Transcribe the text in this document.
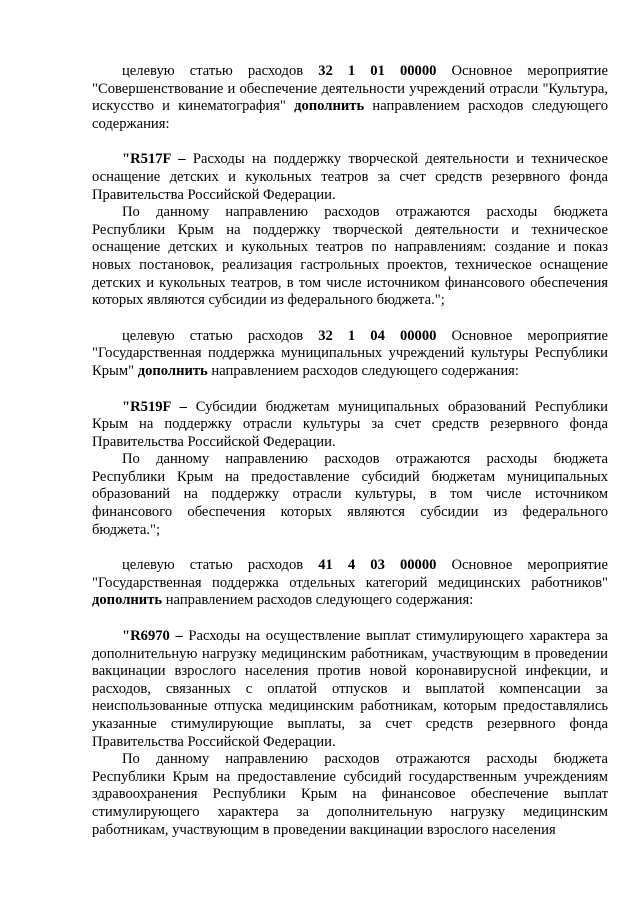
целевую статью расходов 32 1 01 00000 Основное мероприятие "Совершенствование и обеспечение деятельности учреждений отрасли "Культура, искусство и кинематография" дополнить направлением расходов следующего содержания:

"R517F – Расходы на поддержку творческой деятельности и техническое оснащение детских и кукольных театров за счет средств резервного фонда Правительства Российской Федерации.

По данному направлению расходов отражаются расходы бюджета Республики Крым на поддержку творческой деятельности и техническое оснащение детских и кукольных театров по направлениям: создание и показ новых постановок, реализация гастрольных проектов, техническое оснащение детских и кукольных театров, в том числе источником финансового обеспечения которых являются субсидии из федерального бюджета.";

целевую статью расходов 32 1 04 00000 Основное мероприятие "Государственная поддержка муниципальных учреждений культуры Республики Крым" дополнить направлением расходов следующего содержания:

"R519F – Субсидии бюджетам муниципальных образований Республики Крым на поддержку отрасли культуры за счет средств резервного фонда Правительства Российской Федерации.

По данному направлению расходов отражаются расходы бюджета Республики Крым на предоставление субсидий бюджетам муниципальных образований на поддержку отрасли культуры, в том числе источником финансового обеспечения которых являются субсидии из федерального бюджета.";

целевую статью расходов 41 4 03 00000 Основное мероприятие "Государственная поддержка отдельных категорий медицинских работников" дополнить направлением расходов следующего содержания:

"R6970 – Расходы на осуществление выплат стимулирующего характера за дополнительную нагрузку медицинским работникам, участвующим в проведении вакцинации взрослого населения против новой коронавирусной инфекции, и расходов, связанных с оплатой отпусков и выплатой компенсации за неиспользованные отпуска медицинским работникам, которым предоставлялись указанные стимулирующие выплаты, за счет средств резервного фонда Правительства Российской Федерации.

По данному направлению расходов отражаются расходы бюджета Республики Крым на предоставление субсидий государственным учреждениям здравоохранения Республики Крым на финансовое обеспечение выплат стимулирующего характера за дополнительную нагрузку медицинским работникам, участвующим в проведении вакцинации взрослого населения
